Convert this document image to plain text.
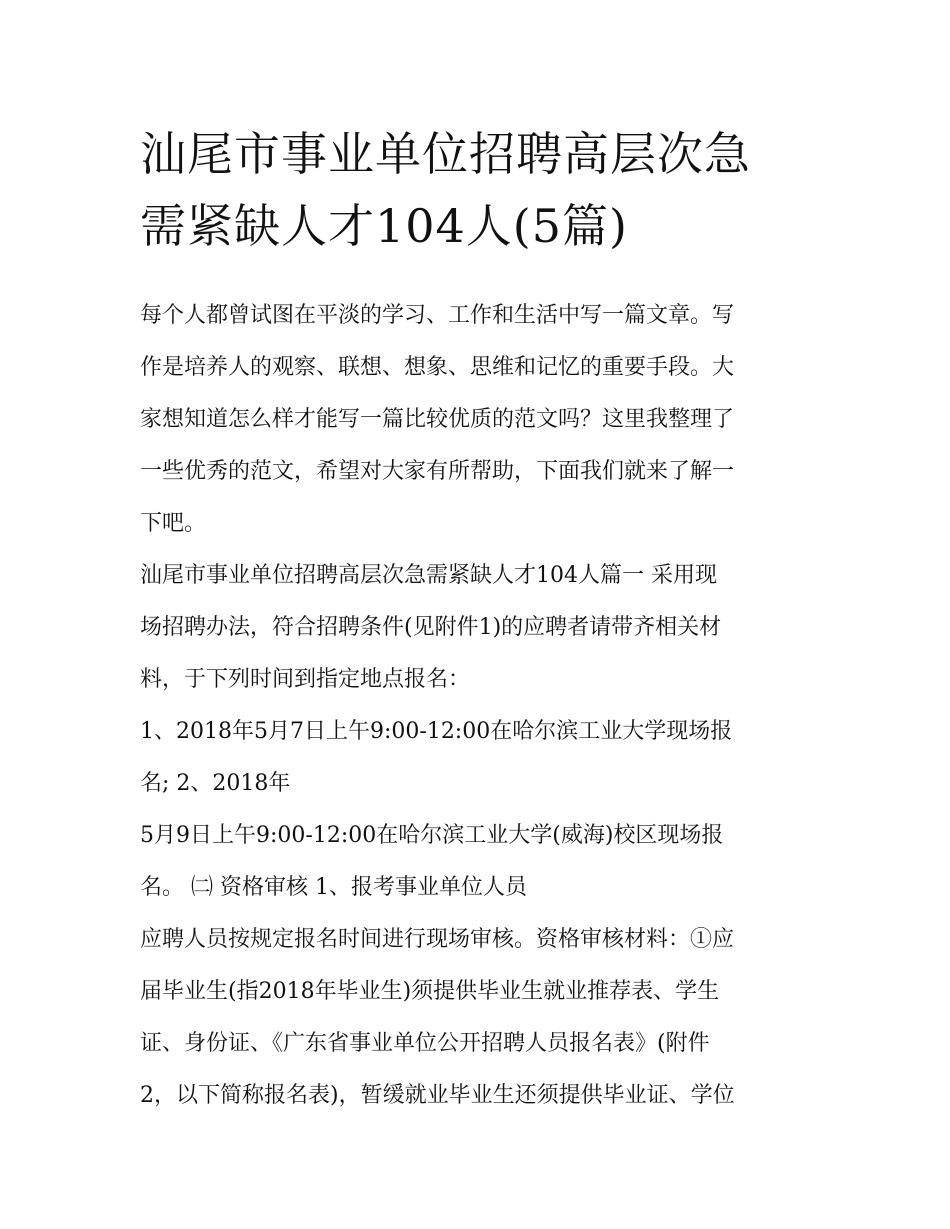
汕尾市事业单位招聘高层次急
需紧缺人才104人(5篇)

每个人都曾试图在平淡的学习、工作和生活中写一篇文章。写

作是培养人的观察、联想、想象、思维和记忆的重要手段。大

家想知道怎么样才能写一篇比较优质的范文吗？这里我整理了

一些优秀的范文，希望对大家有所帮助，下面我们就来了解一

下吧。

汕尾市事业单位招聘高层次急需紧缺人才104人篇一 采用现

场招聘办法，符合招聘条件(见附件1)的应聘者请带齐相关材

料，于下列时间到指定地点报名：

1、2018年5月7日上午9:00-12:00在哈尔滨工业大学现场报

名; 2、2018年

5月9日上午9:00-12:00在哈尔滨工业大学(威海)校区现场报

名。 ㈡ 资格审核 1、报考事业单位人员

应聘人员按规定报名时间进行现场审核。资格审核材料：①应

届毕业生(指2018年毕业生)须提供毕业生就业推荐表、学生

证、身份证、《广东省事业单位公开招聘人员报名表》(附件

2，以下简称报名表)，暂缓就业毕业生还须提供毕业证、学位
